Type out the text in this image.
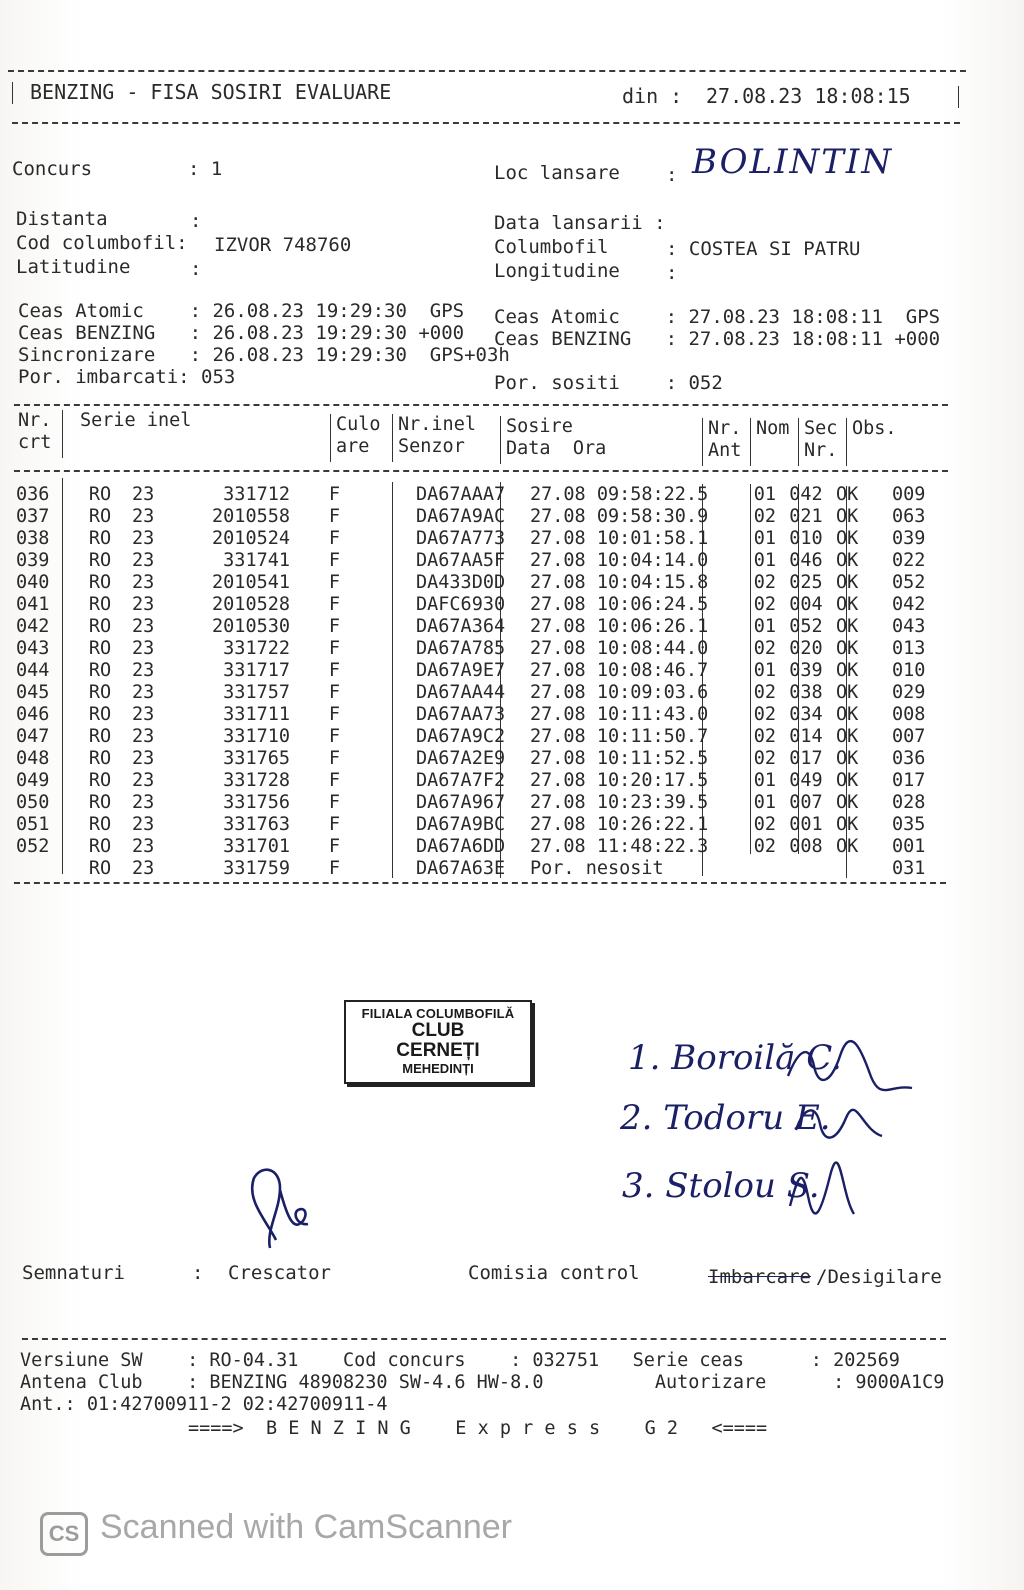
BENZING - FISA SOSIRI EVALUARE	din : 27.08.23 18:08:15
Concurs	: 1	Loc lansare : BOLINTIN
Distanta	:
Cod columbofil: IZVOR 748760
Latitudine	:
Data lansarii :
Columbofil	: COSTEA SI PATRU
Longitudine :
Ceas Atomic    : 26.08.23 19:29:30  GPS
Ceas BENZING   : 26.08.23 19:29:30 +000
Sincronizare   : 26.08.23 19:29:30  GPS+03h
Por. imbarcati: 053
Ceas Atomic    : 27.08.23 18:08:11  GPS
Ceas BENZING   : 27.08.23 18:08:11 +000
Por. sositi    : 052
Nr.
crt
Serie inel	Culo
are
Nr.inel
Senzor
Sosire
Data  Ora
Nr.
Ant
Nom Sec
Nr.
Obs.
036	RO	23	331712	F		DA67AAA7	27.08 09:58:22.5	01	042	OK	009
037	RO	23	2010558	F		DA67A9AC	27.08 09:58:30.9	02	021	OK	063
038	RO	23	2010524	F		DA67A773	27.08 10:01:58.1	01	010	OK	039
039	RO	23	331741	F		DA67AA5F	27.08 10:04:14.0	01	046	OK	022
040	RO	23	2010541	F		DA433D0D	27.08 10:04:15.8	02	025	OK	052
041	RO	23	2010528	F		DAFC6930	27.08 10:06:24.5	02	004	OK	042
042	RO	23	2010530	F		DA67A364	27.08 10:06:26.1	01	052	OK	043
043	RO	23	331722	F		DA67A785	27.08 10:08:44.0	02	020	OK	013
044	RO	23	331717	F		DA67A9E7	27.08 10:08:46.7	01	039	OK	010
045	RO	23	331757	F		DA67AA44	27.08 10:09:03.6	02	038	OK	029
046	RO	23	331711	F		DA67AA73	27.08 10:11:43.0	02	034	OK	008
047	RO	23	331710	F		DA67A9C2	27.08 10:11:50.7	02	014	OK	007
048	RO	23	331765	F		DA67A2E9	27.08 10:11:52.5	02	017	OK	036
049	RO	23	331728	F		DA67A7F2	27.08 10:20:17.5	01	049	OK	017
050	RO	23	331756	F		DA67A967	27.08 10:23:39.5	01	007	OK	028
051	RO	23	331763	F		DA67A9BC	27.08 10:26:22.1	02	001	OK	035
052	RO	23	331701	F		DA67A6DD	27.08 11:48:22.3	02	008	OK	001
	RO	23	331759	F		DA67A63E	Por. nesosit				031
FILIALA COLUMBOFILĂ
CLUB
CERNEȚI
MEHEDINȚI	1. Boroilă C.
2. Todoru E.
3. Stolou S.
Semnaturi	: Crescator	Comisia control	Imbarcare /Desigilare
Versiune SW    : RO-04.31    Cod concurs    : 032751   Serie ceas      : 202569
Antena Club    : BENZING 48908230 SW-4.6 HW-8.0          Autorizare      : 9000A1C9
Ant.: 01:42700911-2 02:42700911-4
====>  B E N Z I N G    E x p r e s s    G 2   <====
CS Scanned with CamScanner
